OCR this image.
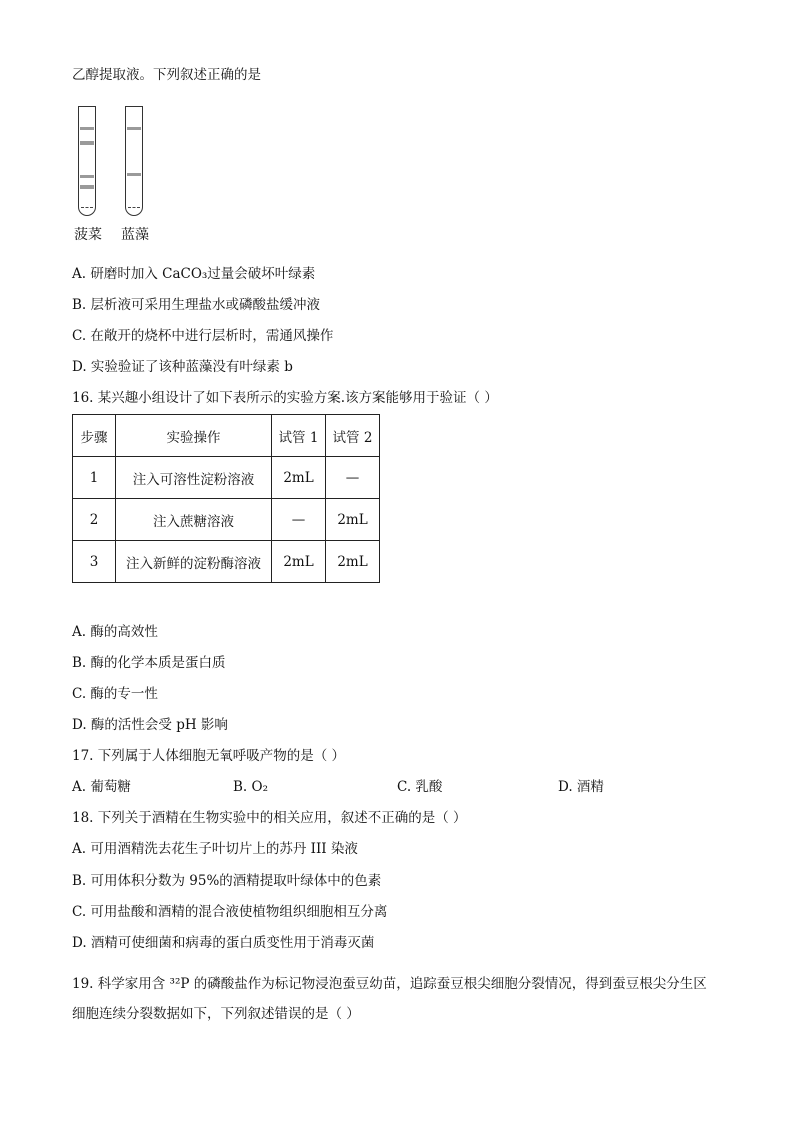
乙醇提取液。下列叙述正确的是
菠菜 蓝藻
A. 研磨时加入 CaCO₃过量会破坏叶绿素
B. 层析液可采用生理盐水或磷酸盐缓冲液
C. 在敞开的烧杯中进行层析时，需通风操作
D. 实验验证了该种蓝藻没有叶绿素 b
16. 某兴趣小组设计了如下表所示的实验方案.该方案能够用于验证（ ）
步骤	实验操作	试管 1	试管 2
1	注入可溶性淀粉溶液	2mL	—
2	注入蔗糖溶液	—	2mL
3	注入新鲜的淀粉酶溶液	2mL	2mL
A. 酶的高效性
B. 酶的化学本质是蛋白质
C. 酶的专一性
D. 酶的活性会受 pH 影响
17. 下列属于人体细胞无氧呼吸产物的是（ ）
A. 葡萄糖	B. O₂	C. 乳酸	D. 酒精
18. 下列关于酒精在生物实验中的相关应用，叙述不正确的是（ ）
A. 可用酒精洗去花生子叶切片上的苏丹 III 染液
B. 可用体积分数为 95%的酒精提取叶绿体中的色素
C. 可用盐酸和酒精的混合液使植物组织细胞相互分离
D. 酒精可使细菌和病毒的蛋白质变性用于消毒灭菌
19. 科学家用含 ³²P 的磷酸盐作为标记物浸泡蚕豆幼苗，追踪蚕豆根尖细胞分裂情况，得到蚕豆根尖分生区
细胞连续分裂数据如下，下列叙述错误的是（ ）
